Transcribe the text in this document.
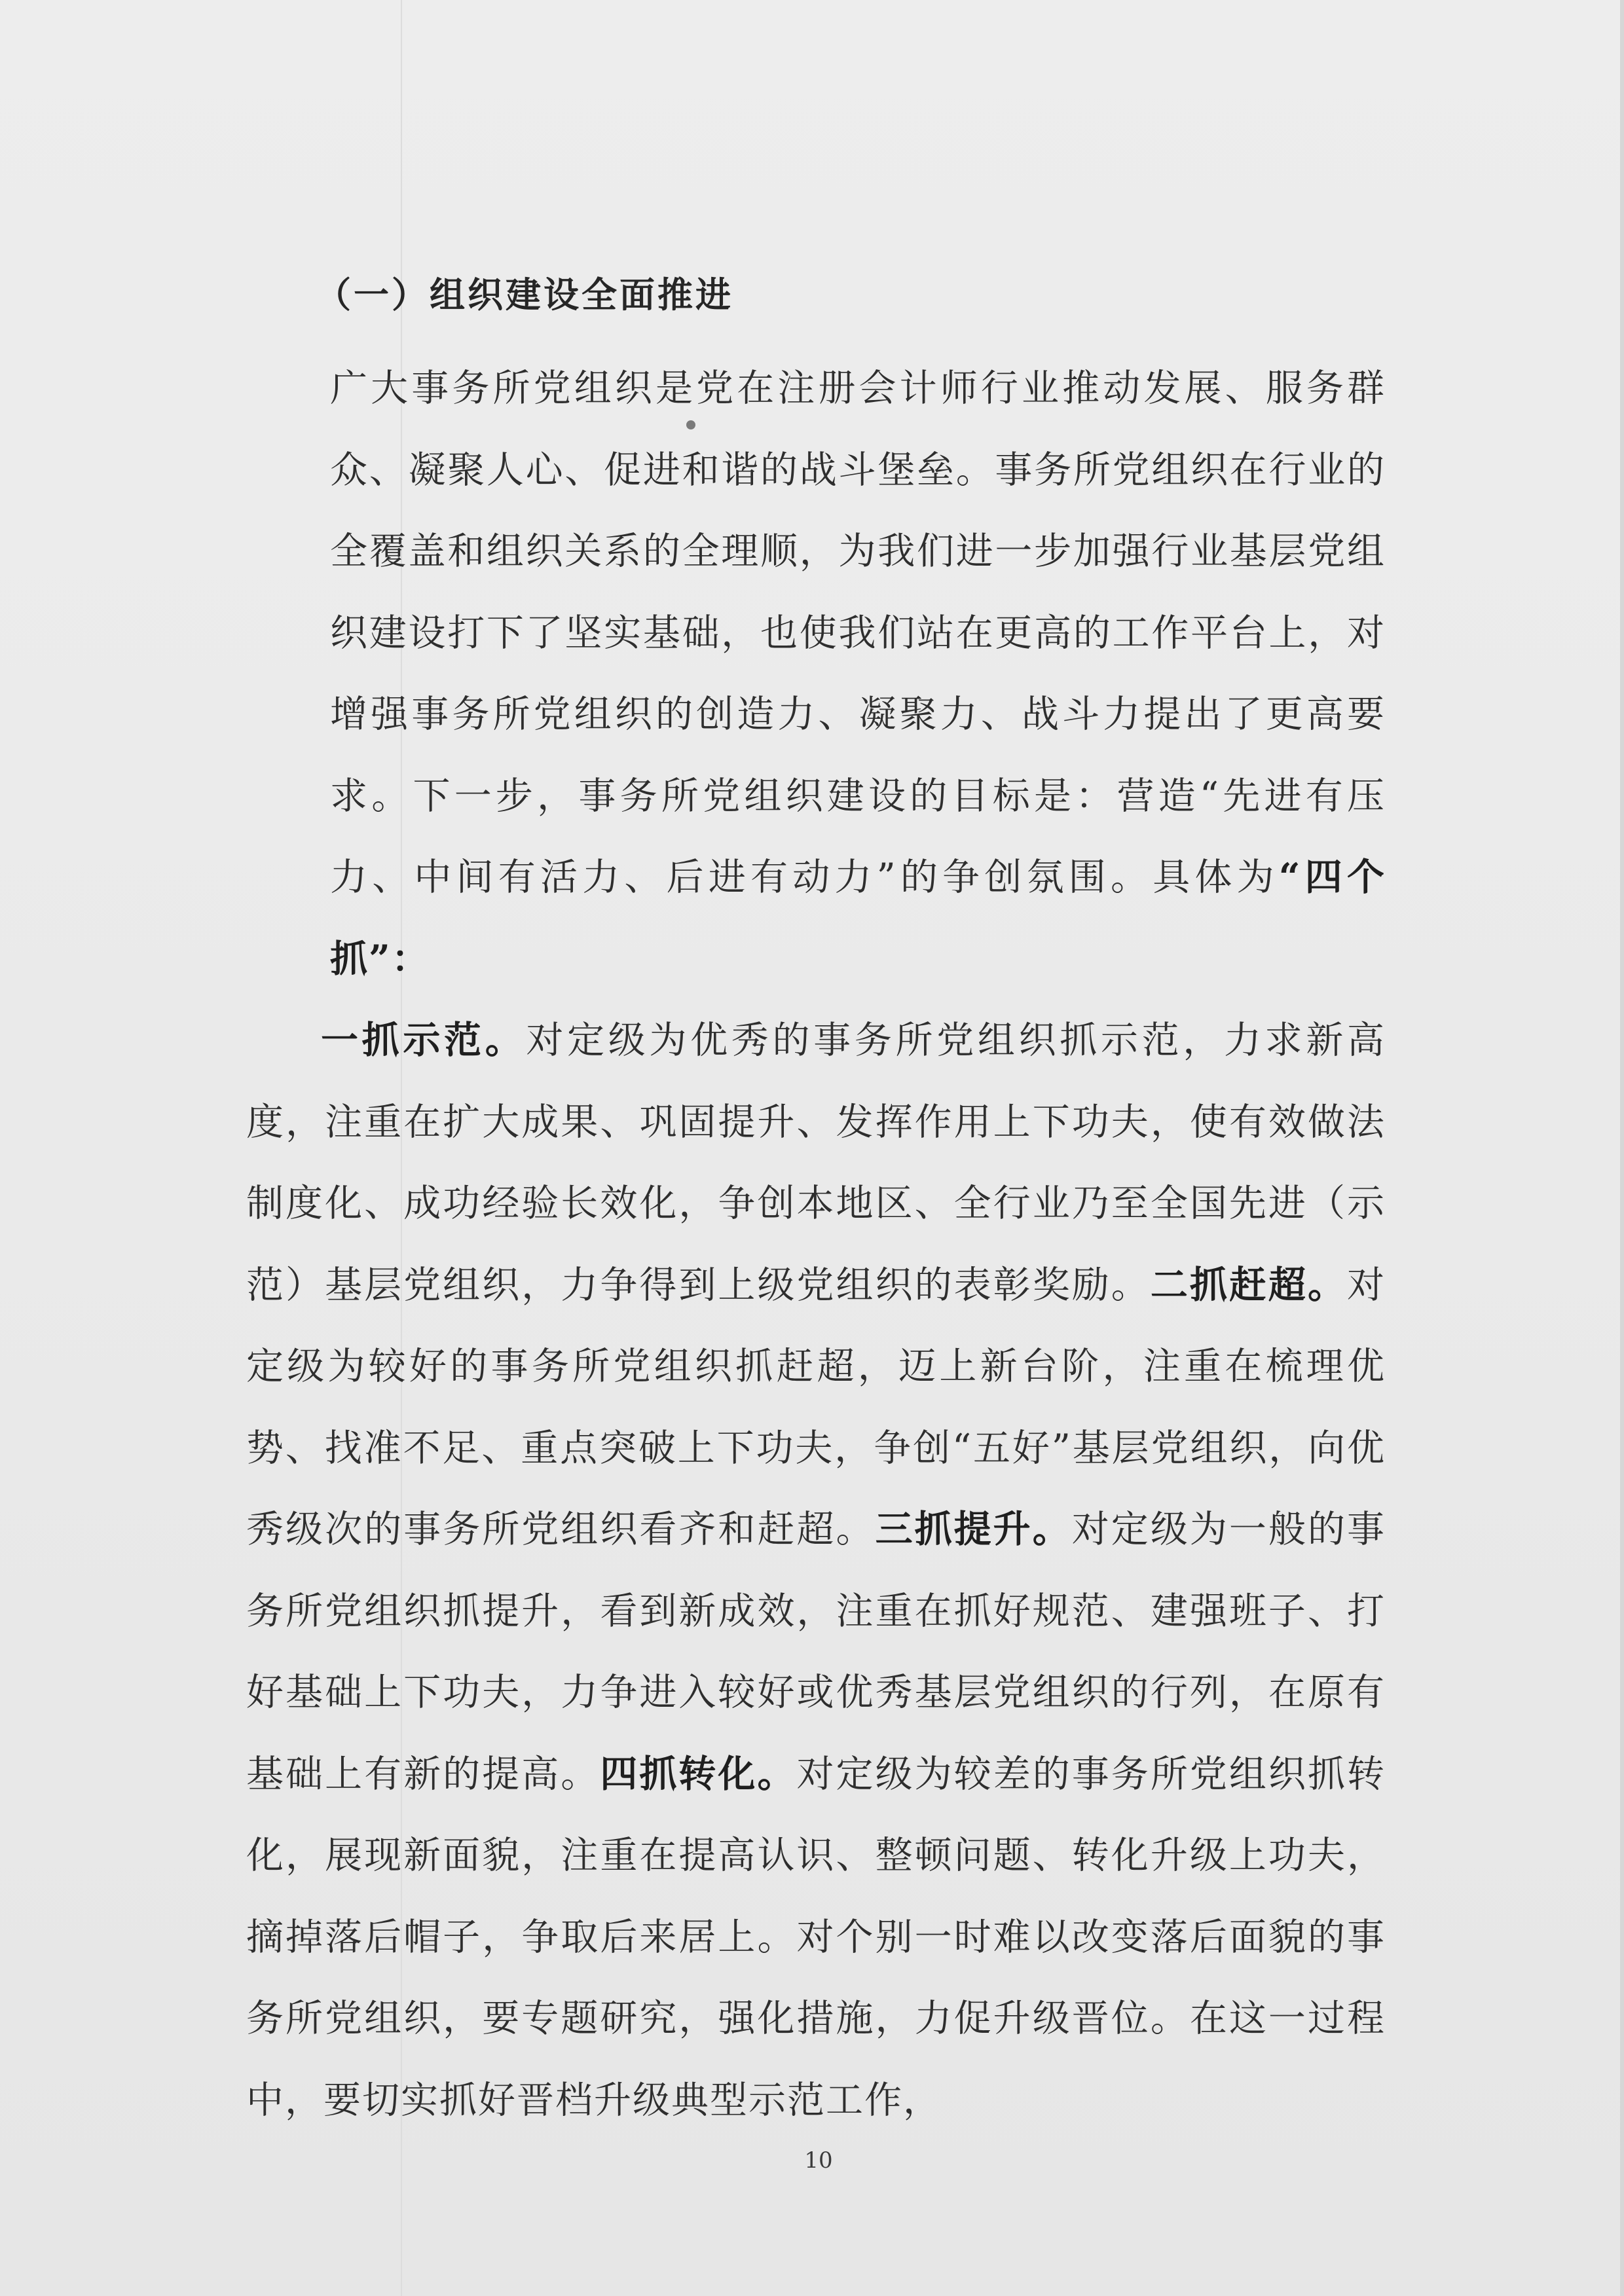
（一）组织建设全面推进

广大事务所党组织是党在注册会计师行业推动发展、服务群众、凝聚人心、促进和谐的战斗堡垒。事务所党组织在行业的全覆盖和组织关系的全理顺，为我们进一步加强行业基层党组织建设打下了坚实基础，也使我们站在更高的工作平台上，对增强事务所党组织的创造力、凝聚力、战斗力提出了更高要求。下一步，事务所党组织建设的目标是：营造“先进有压力、中间有活力、后进有动力”的争创氛围。具体为“四个抓”：

一抓示范。对定级为优秀的事务所党组织抓示范，力求新高度，注重在扩大成果、巩固提升、发挥作用上下功夫，使有效做法制度化、成功经验长效化，争创本地区、全行业乃至全国先进（示范）基层党组织，力争得到上级党组织的表彰奖励。二抓赶超。对定级为较好的事务所党组织抓赶超，迈上新台阶，注重在梳理优势、找准不足、重点突破上下功夫，争创“五好”基层党组织，向优秀级次的事务所党组织看齐和赶超。三抓提升。对定级为一般的事务所党组织抓提升，看到新成效，注重在抓好规范、建强班子、打好基础上下功夫，力争进入较好或优秀基层党组织的行列，在原有基础上有新的提高。四抓转化。对定级为较差的事务所党组织抓转化，展现新面貌，注重在提高认识、整顿问题、转化升级上功夫，摘掉落后帽子，争取后来居上。对个别一时难以改变落后面貌的事务所党组织，要专题研究，强化措施，力促升级晋位。在这一过程中，要切实抓好晋档升级典型示范工作，

10
